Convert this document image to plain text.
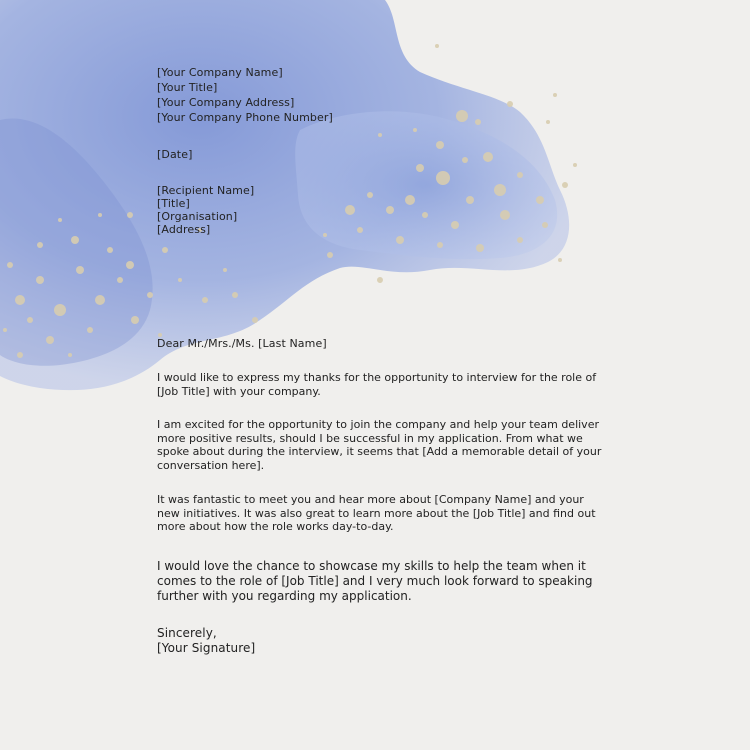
[Your Company Name]
[Your Title]
[Your Company Address]
[Your Company Phone Number]
[Date]
[Recipient Name]
[Title]
[Organisation]
[Address]
Dear Mr./Mrs./Ms. [Last Name]

I would like to express my thanks for the opportunity to interview for the role of [Job Title] with your company.

I am excited for the opportunity to join the company and help your team deliver more positive results, should I be successful in my application. From what we spoke about during the interview, it seems that [Add a memorable detail of your conversation here].

It was fantastic to meet you and hear more about [Company Name] and your new initiatives. It was also great to learn more about the [Job Title] and find out more about how the role works day-to-day.

I would love the chance to showcase my skills to help the team when it comes to the role of [Job Title] and I very much look forward to speaking further with you regarding my application.

Sincerely,
[Your Signature]
